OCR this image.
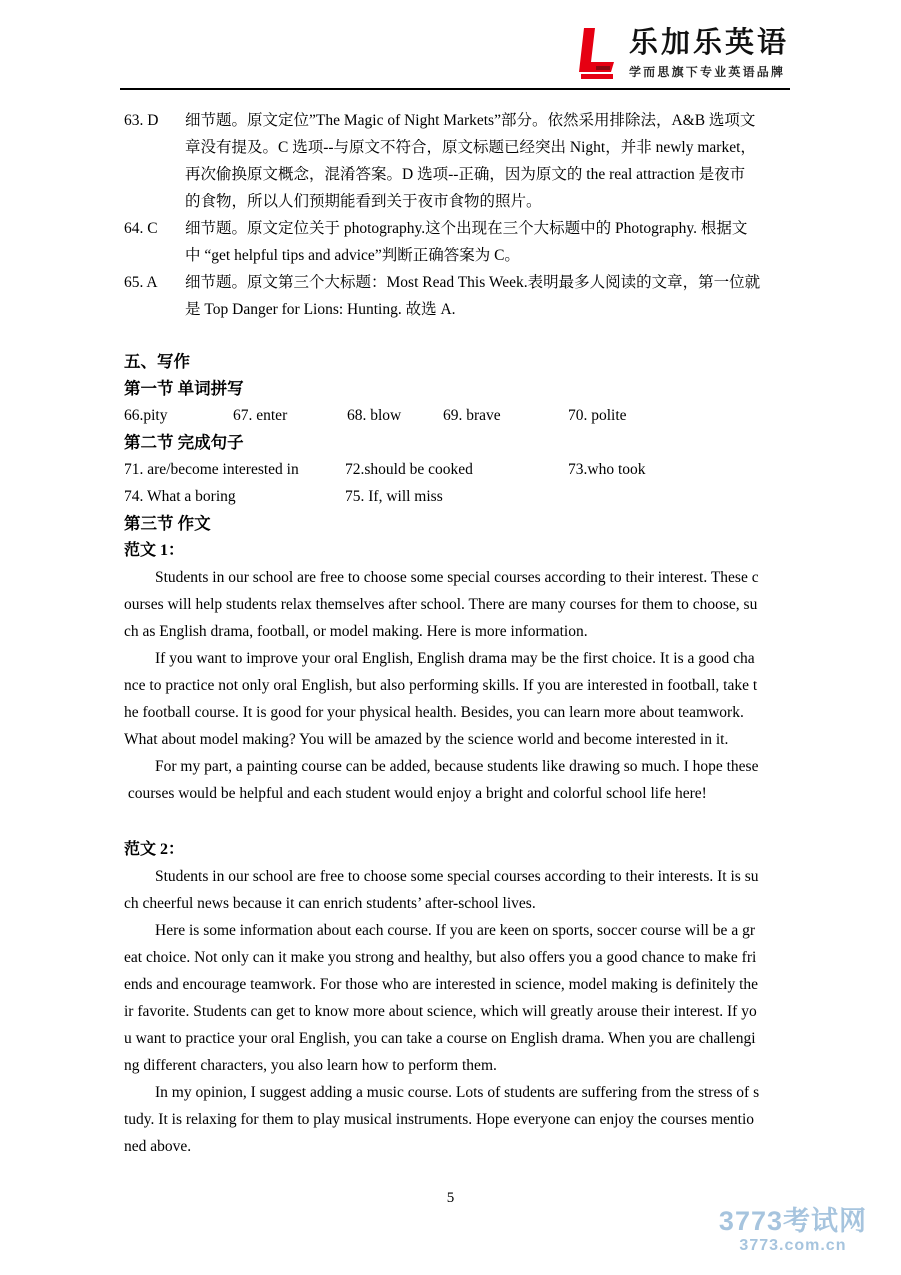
乐加乐英语
学而思旗下专业英语品牌
63. D	细节题。原文定位”The Magic of Night Markets”部分。依然采用排除法，A&B 选项文
章没有提及。C 选项--与原文不符合，原文标题已经突出 Night，并非 newly market，
再次偷换原文概念，混淆答案。D 选项--正确，因为原文的 the real attraction 是夜市
的食物，所以人们预期能看到关于夜市食物的照片。
64. C	细节题。原文定位关于 photography.这个出现在三个大标题中的 Photography. 根据文
中 “get helpful tips and advice”判断正确答案为 C。
65. A	细节题。原文第三个大标题：Most Read This Week.表明最多人阅读的文章，第一位就
是 Top Danger for Lions: Hunting. 故选 A.
五、写作
第一节 单词拼写
66.pity	67. enter	68. blow	69. brave	70. polite
第二节 完成句子
71. are/become interested in	72.should be cooked	73.who took
74. What a boring	75. If, will miss
第三节 作文
范文 1：
Students in our school are free to choose some special courses according to their interest. These c
ourses will help students relax themselves after school. There are many courses for them to choose, su
ch as English drama, football, or model making. Here is more information.
If you want to improve your oral English, English drama may be the first choice. It is a good cha
nce to practice not only oral English, but also performing skills. If you are interested in football, take t
he football course. It is good for your physical health. Besides, you can learn more about teamwork.
What about model making? You will be amazed by the science world and become interested in it.
For my part, a painting course can be added, because students like drawing so much. I hope these
courses would be helpful and each student would enjoy a bright and colorful school life here!
范文 2：
Students in our school are free to choose some special courses according to their interests. It is su
ch cheerful news because it can enrich students’ after-school lives.
Here is some information about each course. If you are keen on sports, soccer course will be a gr
eat choice. Not only can it make you strong and healthy, but also offers you a good chance to make fri
ends and encourage teamwork. For those who are interested in science, model making is definitely the
ir favorite. Students can get to know more about science, which will greatly arouse their interest. If yo
u want to practice your oral English, you can take a course on English drama. When you are challengi
ng different characters, you also learn how to perform them.
In my opinion, I suggest adding a music course. Lots of students are suffering from the stress of s
tudy. It is relaxing for them to play musical instruments. Hope everyone can enjoy the courses mentio
ned above.
5
3773考试网
3773.com.cn
